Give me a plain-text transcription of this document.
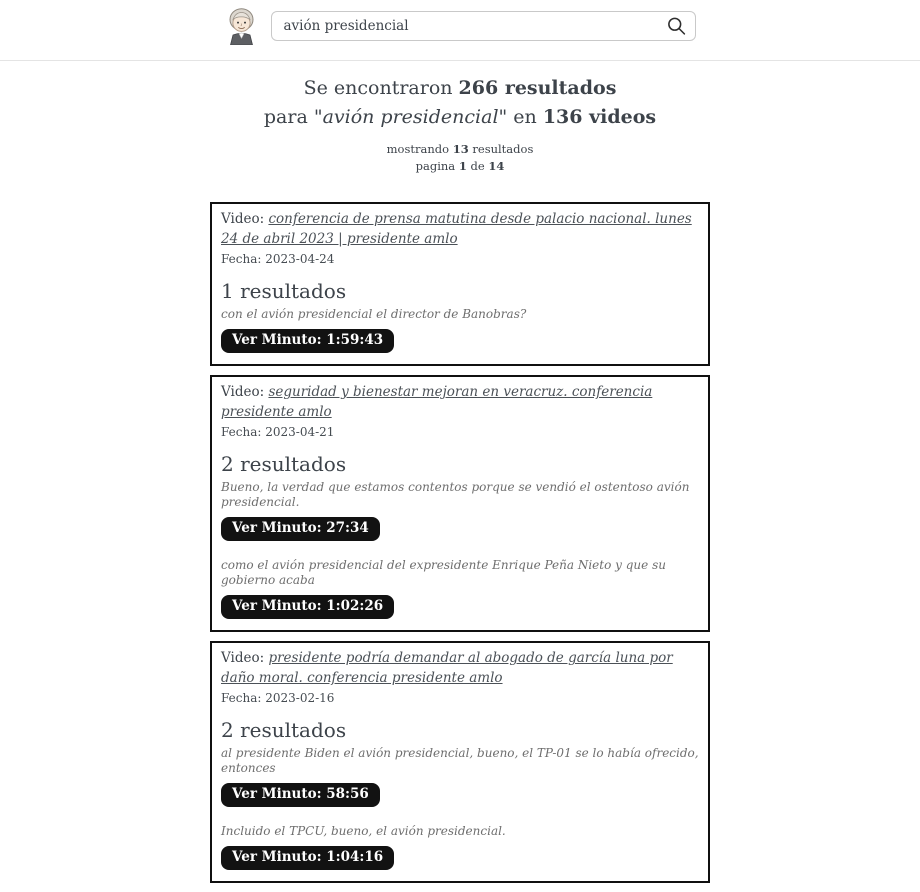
avión presidencial
Se encontraron 266 resultados
para "avión presidencial" en 136 videos
mostrando 13 resultados
pagina 1 de 14

Video: conferencia de prensa matutina desde palacio nacional. lunes 24 de abril 2023 | presidente amlo

Fecha: 2023-04-24

1 resultados

con el avión presidencial el director de Banobras?

Ver Minuto: 1:59:43

Video: seguridad y bienestar mejoran en veracruz. conferencia presidente amlo

Fecha: 2023-04-21

2 resultados

Bueno, la verdad que estamos contentos porque se vendió el ostentoso avión presidencial.

Ver Minuto: 27:34

como el avión presidencial del expresidente Enrique Peña Nieto y que su gobierno acaba

Ver Minuto: 1:02:26

Video: presidente podría demandar al abogado de garcía luna por daño moral. conferencia presidente amlo

Fecha: 2023-02-16

2 resultados

al presidente Biden el avión presidencial, bueno, el TP-01 se lo había ofrecido, entonces

Ver Minuto: 58:56

Incluido el TPCU, bueno, el avión presidencial.

Ver Minuto: 1:04:16
